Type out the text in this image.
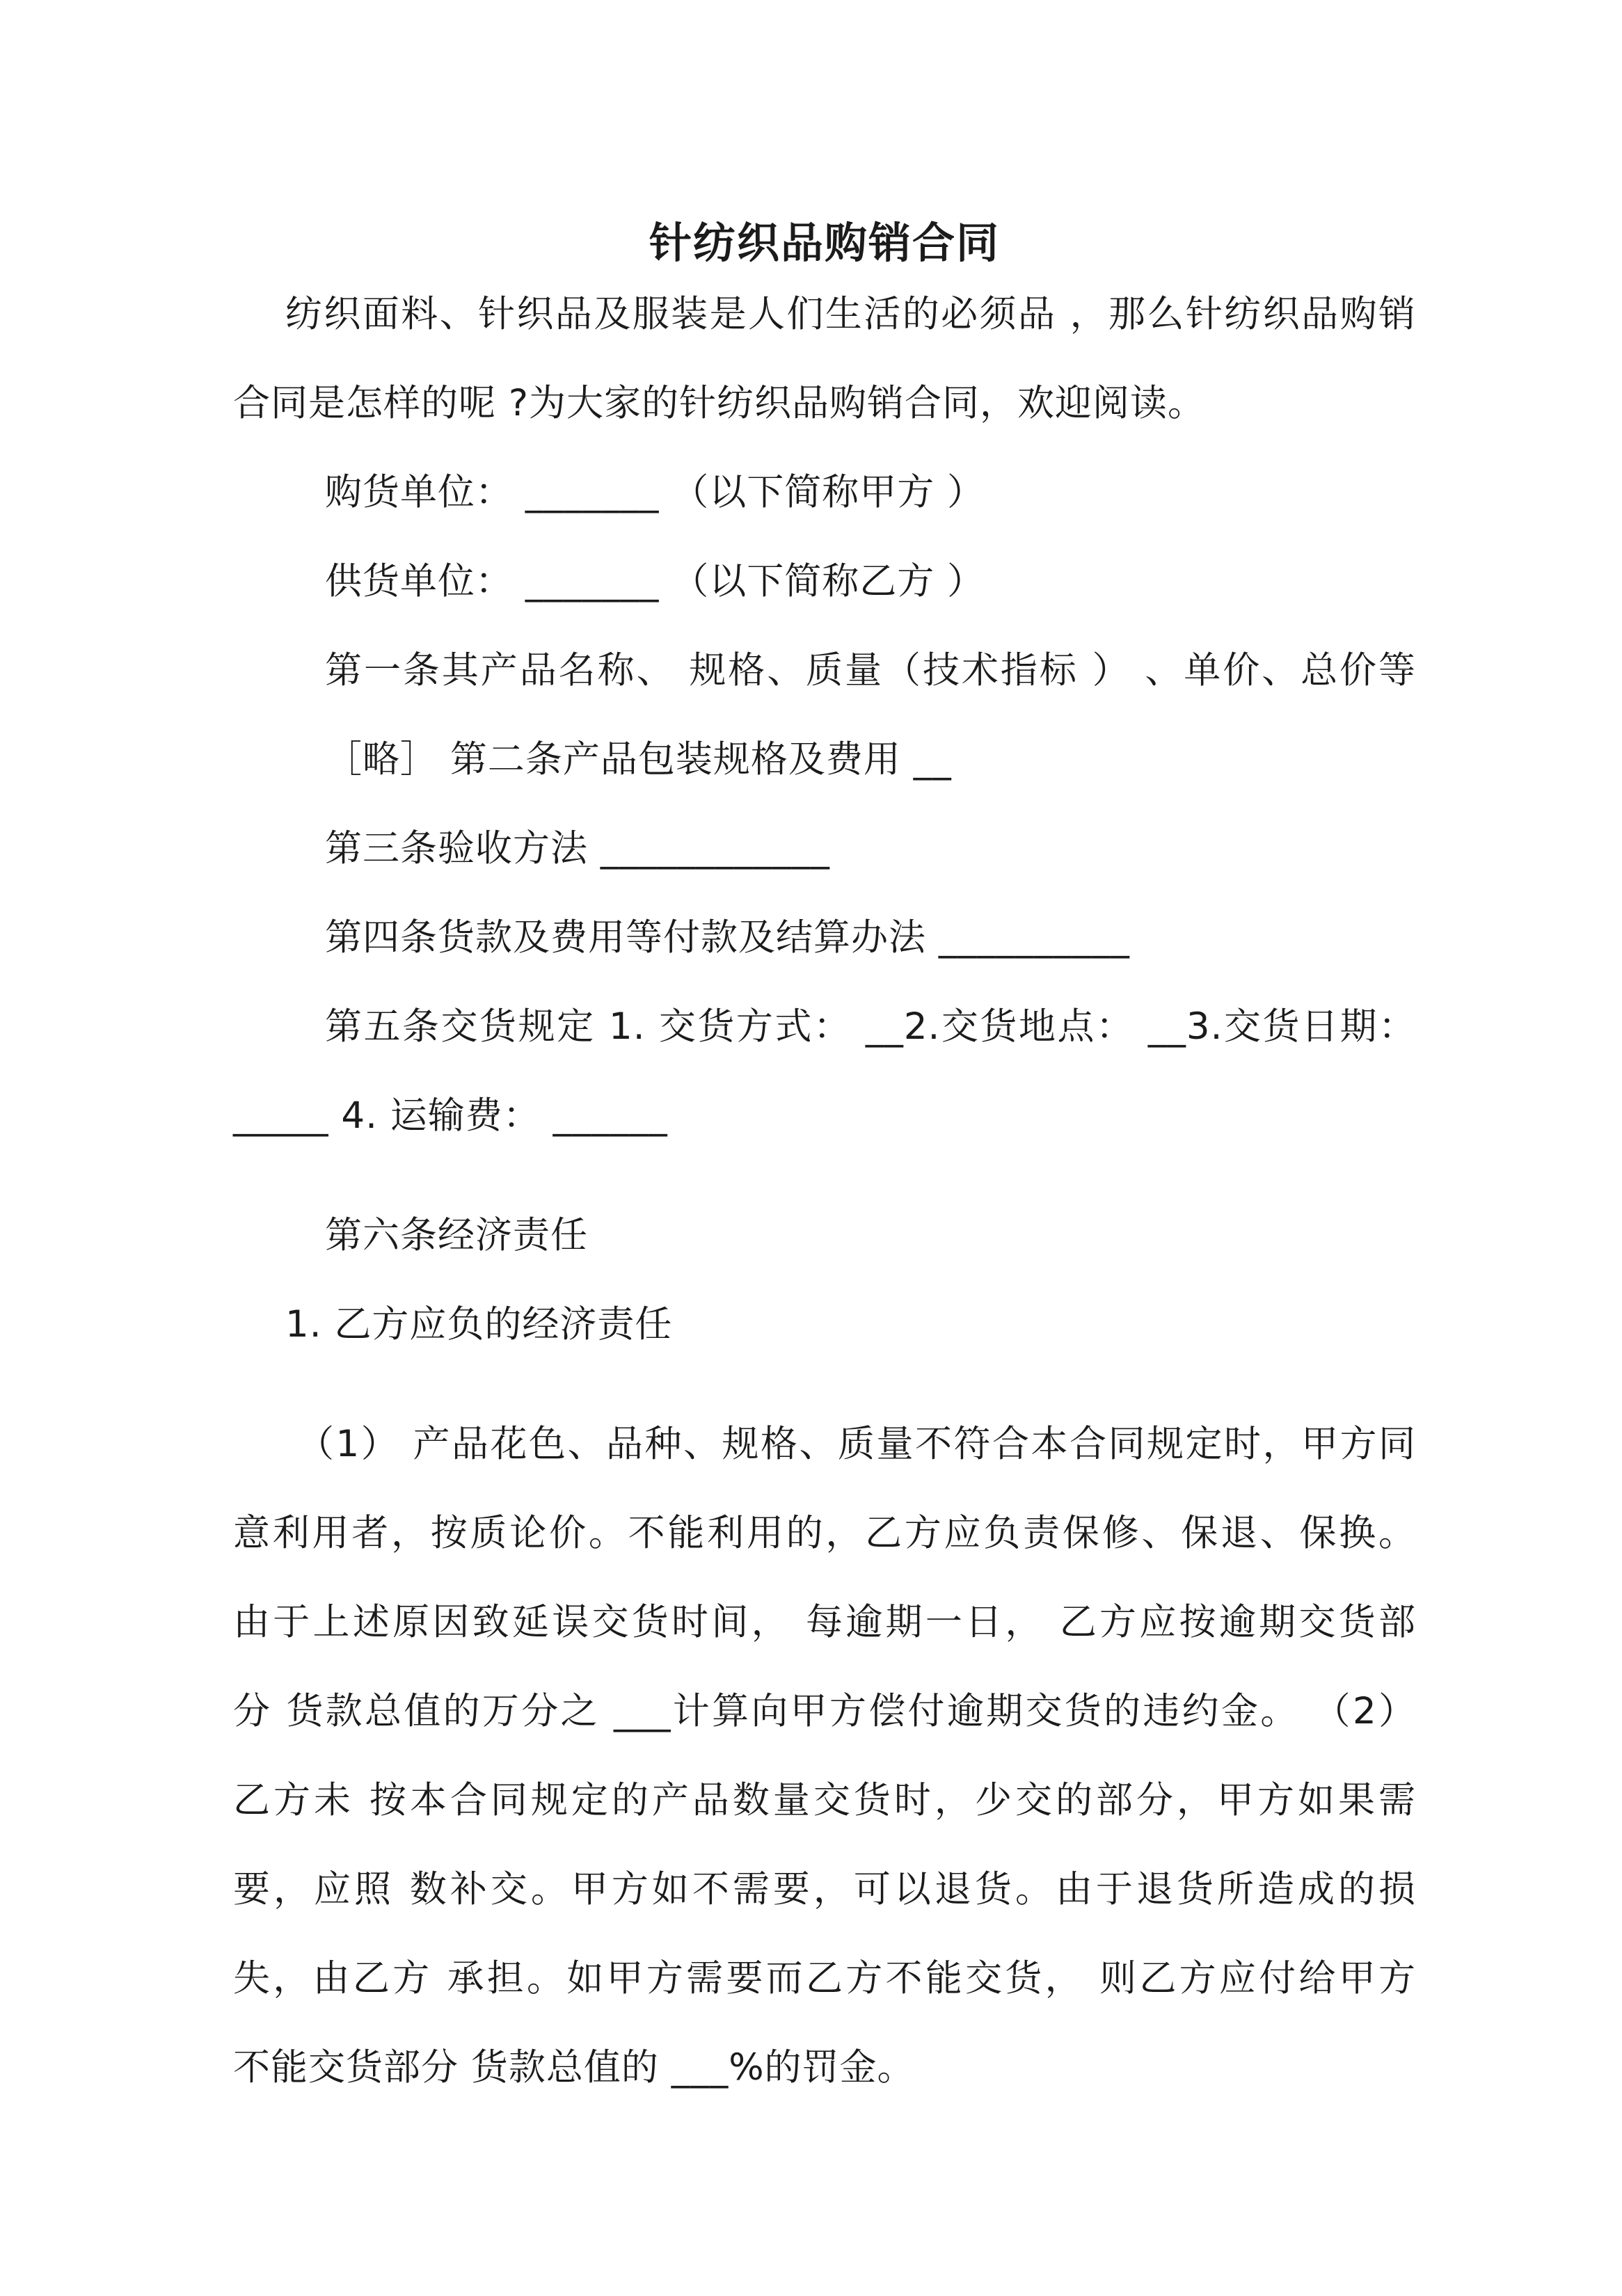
针纺织品购销合同
纺织面料、针织品及服装是人们生活的必须品 ，那么针纺织品购销
合同是怎样的呢 ?为大家的针纺织品购销合同，欢迎阅读。
购货单位： _______ （以下简称甲方 ）
供货单位： _______ （以下简称乙方 ）
第一条其产品名称、 规格、质量（技术指标 ） 、单价、总价等
［略］ 第二条产品包装规格及费用 __
第三条验收方法 ____________
第四条货款及费用等付款及结算办法 __________
第五条交货规定 1. 交货方式： __2.交货地点： __3.交货日期：
_____ 4. 运输费： ______
第六条经济责任
1. 乙方应负的经济责任
（1） 产品花色、品种、规格、质量不符合本合同规定时，甲方同
意利用者，按质论价。不能利用的，乙方应负责保修、保退、保换。
由于上述原因致延误交货时间， 每逾期一日， 乙方应按逾期交货部
分 货款总值的万分之 ___计算向甲方偿付逾期交货的违约金。 （2）
乙方未 按本合同规定的产品数量交货时，少交的部分，甲方如果需
要，应照 数补交。甲方如不需要，可以退货。由于退货所造成的损
失，由乙方 承担。如甲方需要而乙方不能交货， 则乙方应付给甲方
不能交货部分 货款总值的 ___%的罚金。
